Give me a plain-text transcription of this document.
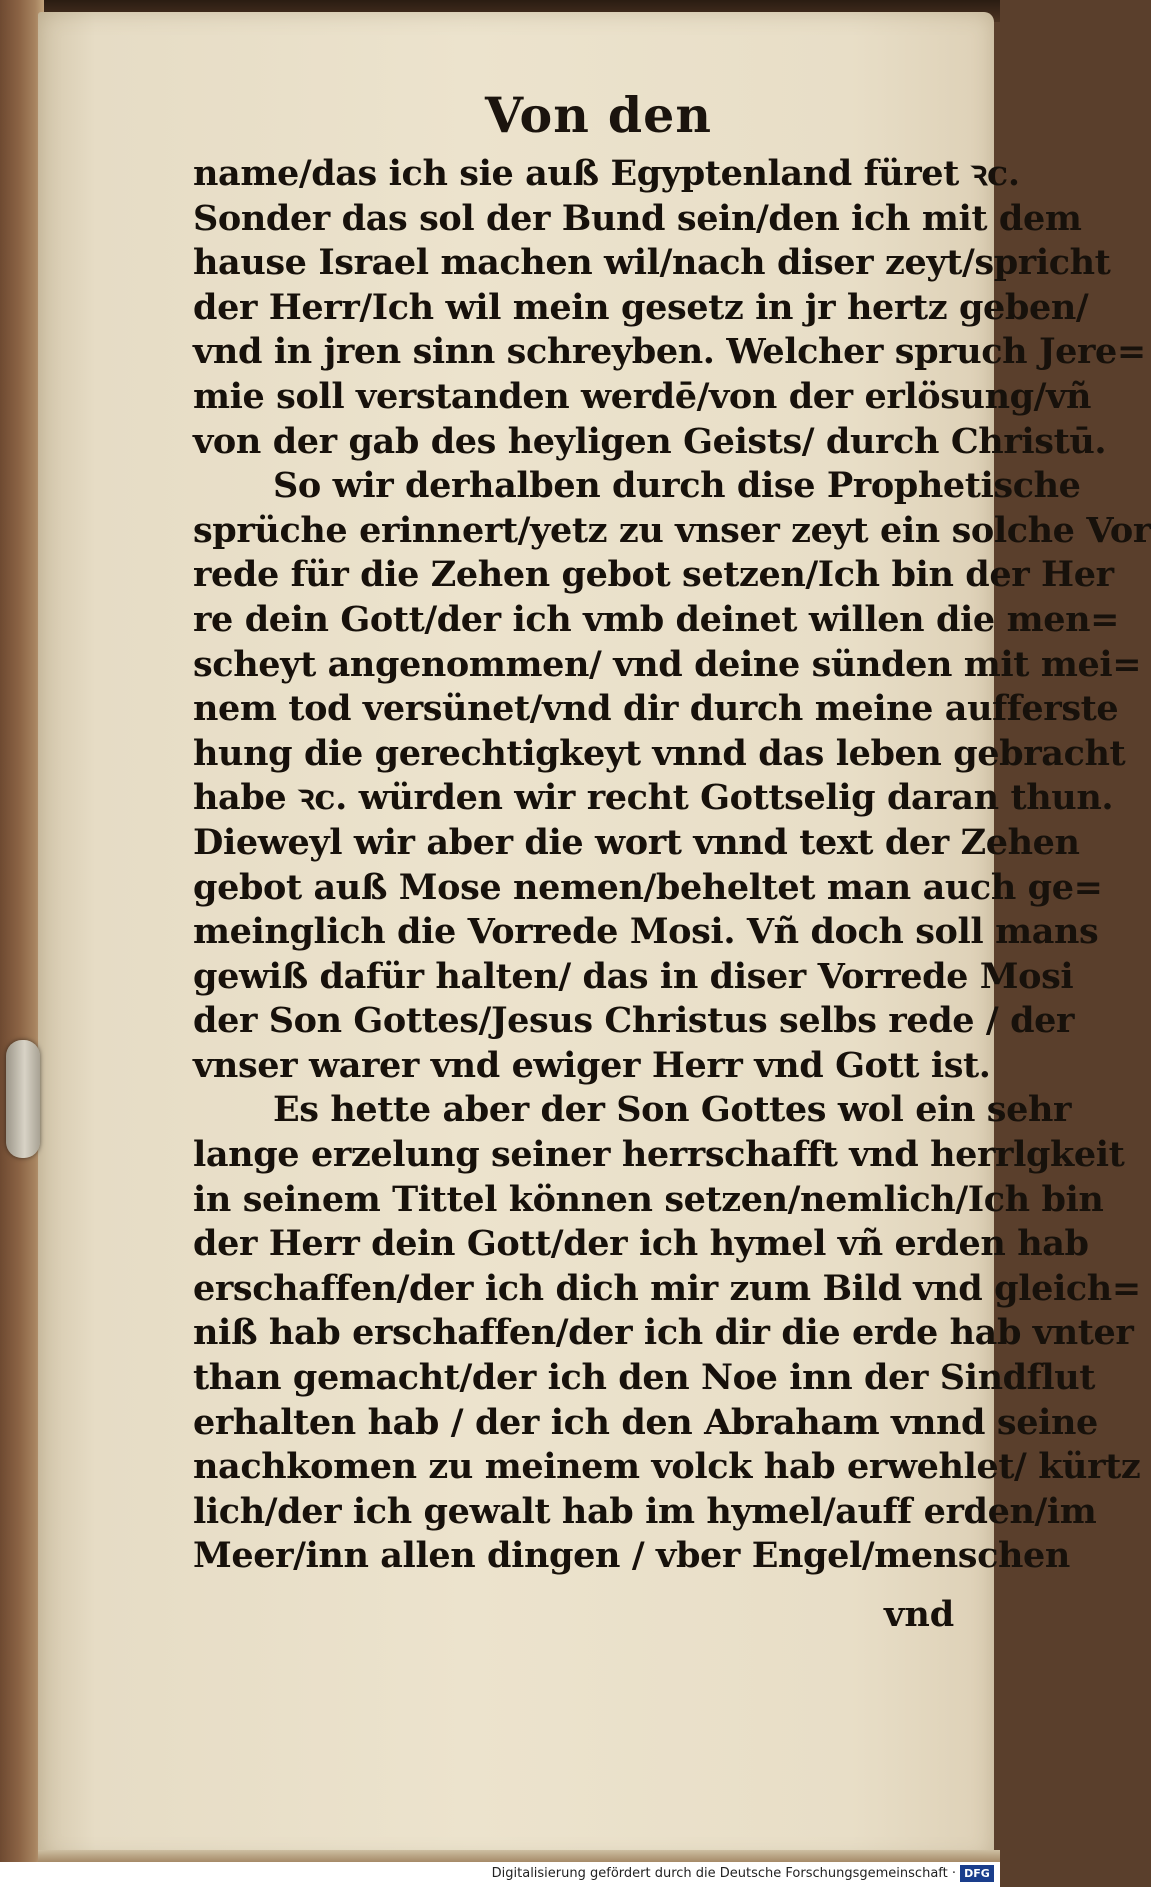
Von den
name/das ich sie auß Egyptenland füret ꝛc.
Sonder das sol der Bund sein/den ich mit dem
hause Israel machen wil/nach diser zeyt/spricht
der Herr/Ich wil mein gesetz in jr hertz geben/
vnd in jren sinn schreyben. Welcher spruch Jere=
mie soll verstanden werdē/von der erlösung/vñ
von der gab des heyligen Geists/ durch Christū.
So wir derhalben durch dise Prophetische
sprüche erinnert/yetz zu vnser zeyt ein solche Vor
rede für die Zehen gebot setzen/Ich bin der Her
re dein Gott/der ich vmb deinet willen die men=
scheyt angenommen/ vnd deine sünden mit mei=
nem tod versünet/vnd dir durch meine aufferste
hung die gerechtigkeyt vnnd das leben gebracht
habe ꝛc. würden wir recht Gottselig daran thun.
Dieweyl wir aber die wort vnnd text der Zehen
gebot auß Mose nemen/beheltet man auch ge=
meinglich die Vorrede Mosi. Vñ doch soll mans
gewiß dafür halten/ das in diser Vorrede Mosi
der Son Gottes/Jesus Christus selbs rede / der
vnser warer vnd ewiger Herr vnd Gott ist.
Es hette aber der Son Gottes wol ein sehr
lange erzelung seiner herrschafft vnd herrlgkeit
in seinem Tittel können setzen/nemlich/Ich bin
der Herr dein Gott/der ich hymel vñ erden hab
erschaffen/der ich dich mir zum Bild vnd gleich=
niß hab erschaffen/der ich dir die erde hab vnter
than gemacht/der ich den Noe inn der Sindflut
erhalten hab / der ich den Abraham vnnd seine
nachkomen zu meinem volck hab erwehlet/ kürtz
lich/der ich gewalt hab im hymel/auff erden/im
Meer/inn allen dingen / vber Engel/menschen
vnd
Digitalisierung gefördert durch die Deutsche Forschungsgemeinschaft · DFG
